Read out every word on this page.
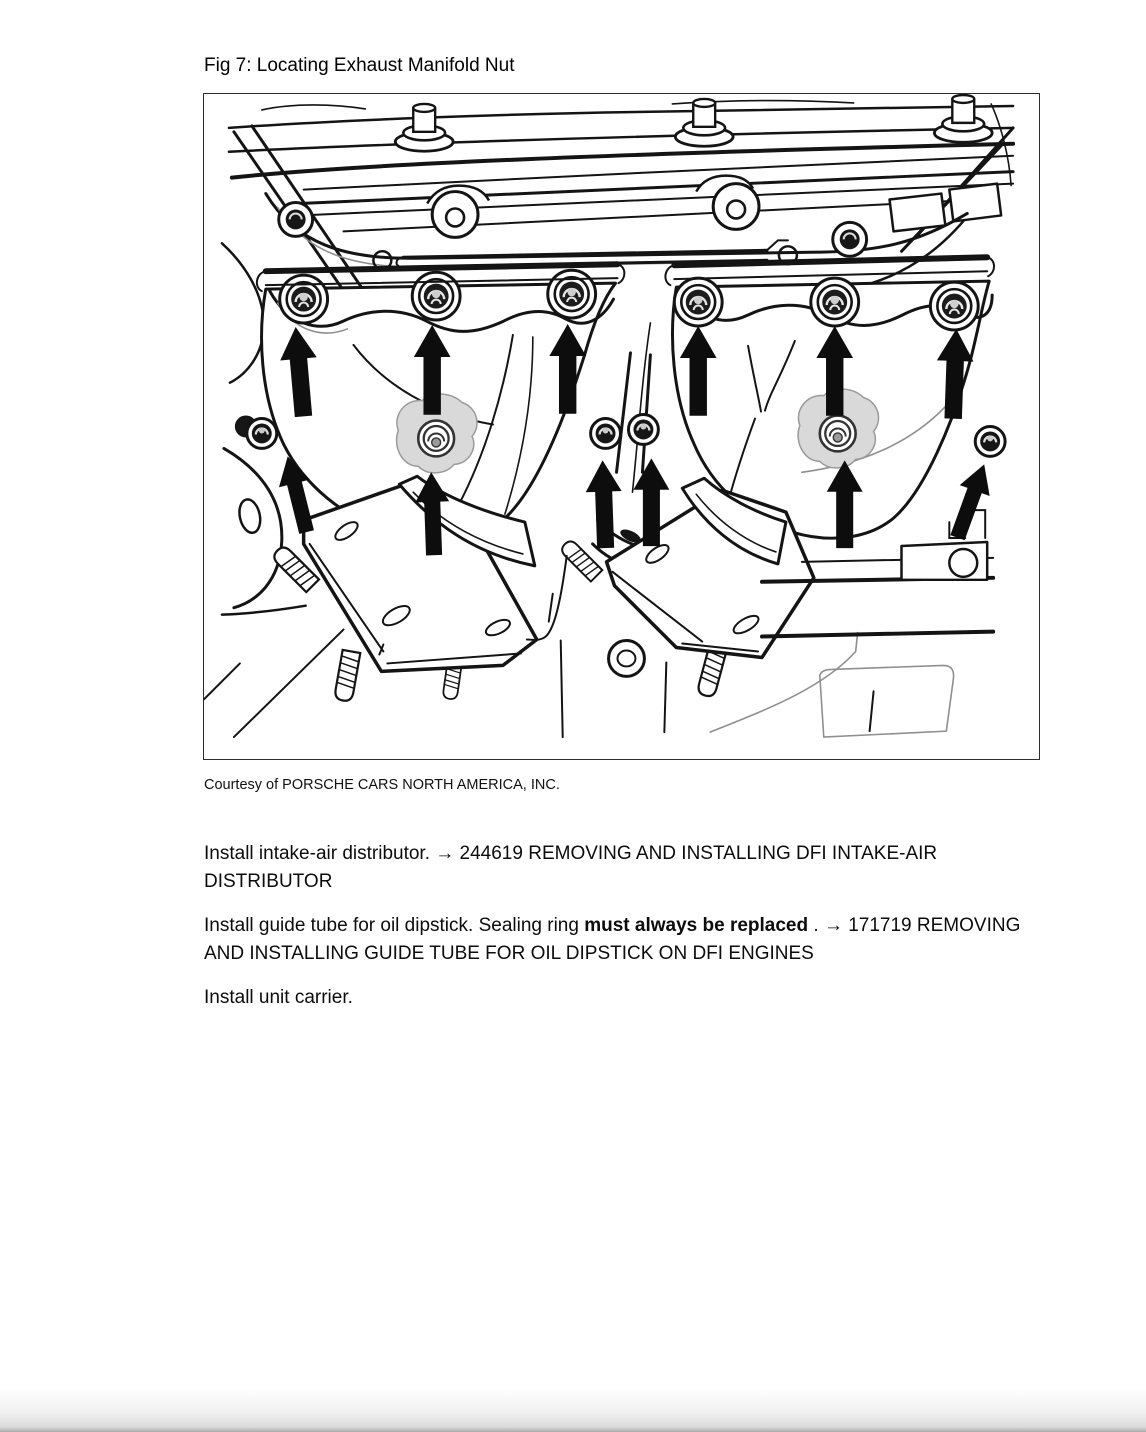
Fig 7: Locating Exhaust Manifold Nut
Courtesy of PORSCHE CARS NORTH AMERICA, INC.

Install intake-air distributor. → 244619 REMOVING AND INSTALLING DFI INTAKE-AIR DISTRIBUTOR

Install guide tube for oil dipstick. Sealing ring must always be replaced . → 171719 REMOVING AND INSTALLING GUIDE TUBE FOR OIL DIPSTICK ON DFI ENGINES

Install unit carrier.
